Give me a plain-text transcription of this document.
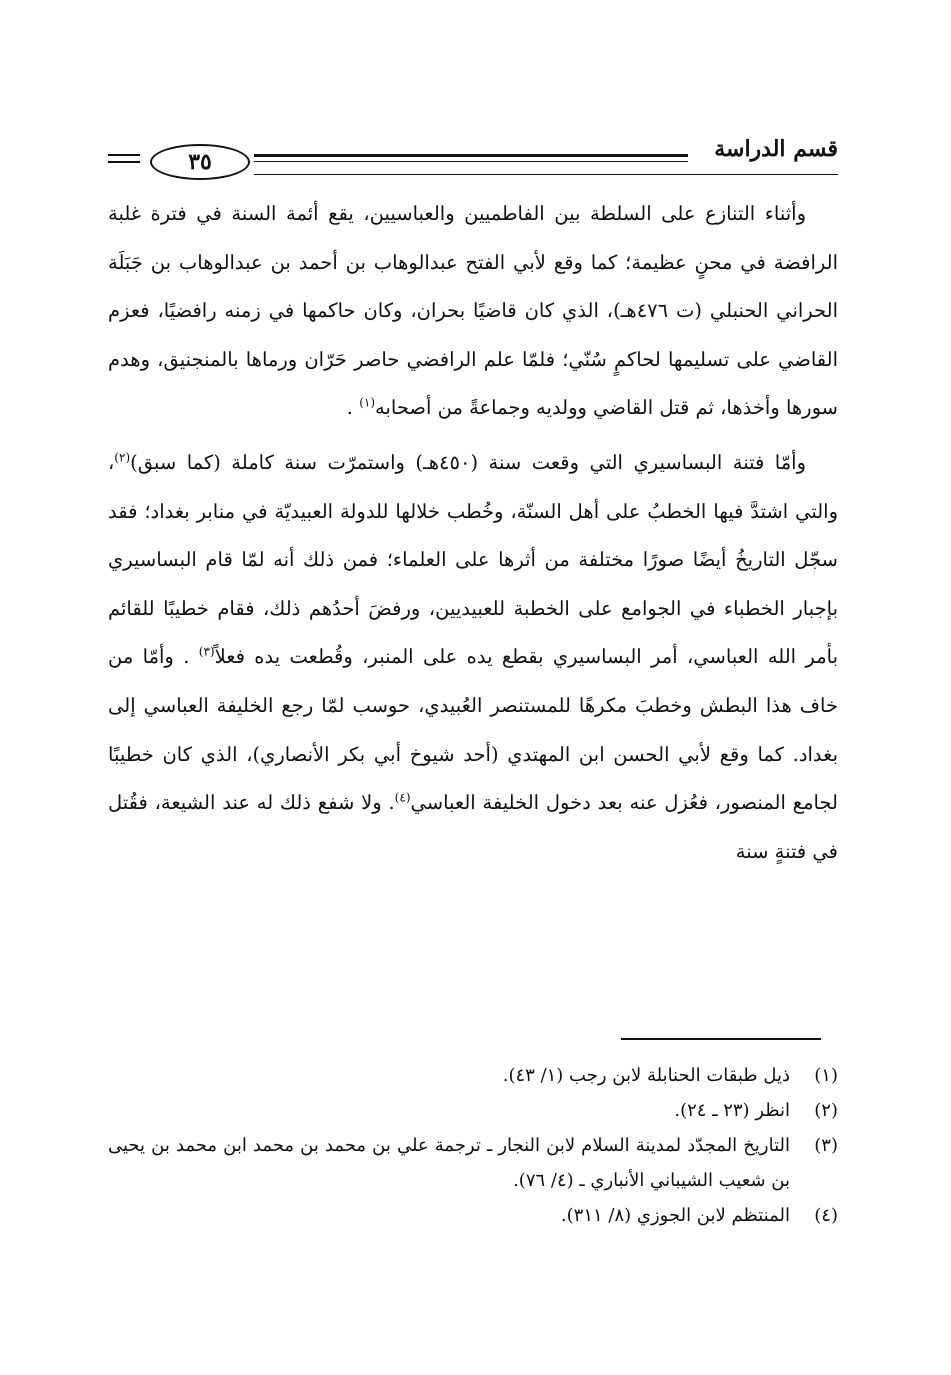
قسم الدراسة
٣٥

وأثناء التنازع على السلطة بين الفاطميين والعباسيين، يقع أئمة السنة في فترة غلبة الرافضة في محنٍ عظيمة؛ كما وقع لأبي الفتح عبدالوهاب بن أحمد بن عبدالوهاب بن جَبَلَة الحراني الحنبلي (ت ٤٧٦هـ)، الذي كان قاضيًا بحران، وكان حاكمها في زمنه رافضيًا، فعزم القاضي على تسليمها لحاكمٍ سُنّي؛ فلمّا علم الرافضي حاصر حَرّان ورماها بالمنجنيق، وهدم سورها وأخذها، ثم قتل القاضي وولديه وجماعةً من أصحابه$^{(١)}$ .

وأمّا فتنة البساسيري التي وقعت سنة (٤٥٠هـ) واستمرّت سنة كاملة (كما سبق)$^{(٢)}$، والتي اشتدَّ فيها الخطبُ على أهل السنّة، وخُطب خلالها للدولة العبيديّة في منابر بغداد؛ فقد سجّل التاريخُ أيضًا صورًا مختلفة من أثرها على العلماء؛ فمن ذلك أنه لمّا قام البساسيري بإجبار الخطباء في الجوامع على الخطبة للعبيديين، ورفضَ أحدُهم ذلك، فقام خطيبًا للقائم بأمر الله العباسي، أمر البساسيري بقطع يده على المنبر، وقُطعت يده فعلاً$^{(٣)}$ . وأمّا من خاف هذا البطش وخطبَ مكرهًا للمستنصر العُبيدي، حوسب لمّا رجع الخليفة العباسي إلى بغداد. كما وقع لأبي الحسن ابن المهتدي (أحد شيوخ أبي بكر الأنصاري)، الذي كان خطيبًا لجامع المنصور، فعُزل عنه بعد دخول الخليفة العباسي$^{(٤)}$. ولا شفع ذلك له عند الشيعة، فقُتل في فتنةٍ سنة

(١)
ذيل طبقات الحنابلة لابن رجب (١/ ٤٣).
(٢)
انظر (٢٣ ـ ٢٤).
(٣)
التاريخ المجدّد لمدينة السلام لابن النجار ـ ترجمة علي بن محمد بن محمد ابن محمد بن يحيى بن شعيب الشيباني الأنباري ـ (٤/ ٧٦).
(٤)
المنتظم لابن الجوزي (٨/ ٣١١).
